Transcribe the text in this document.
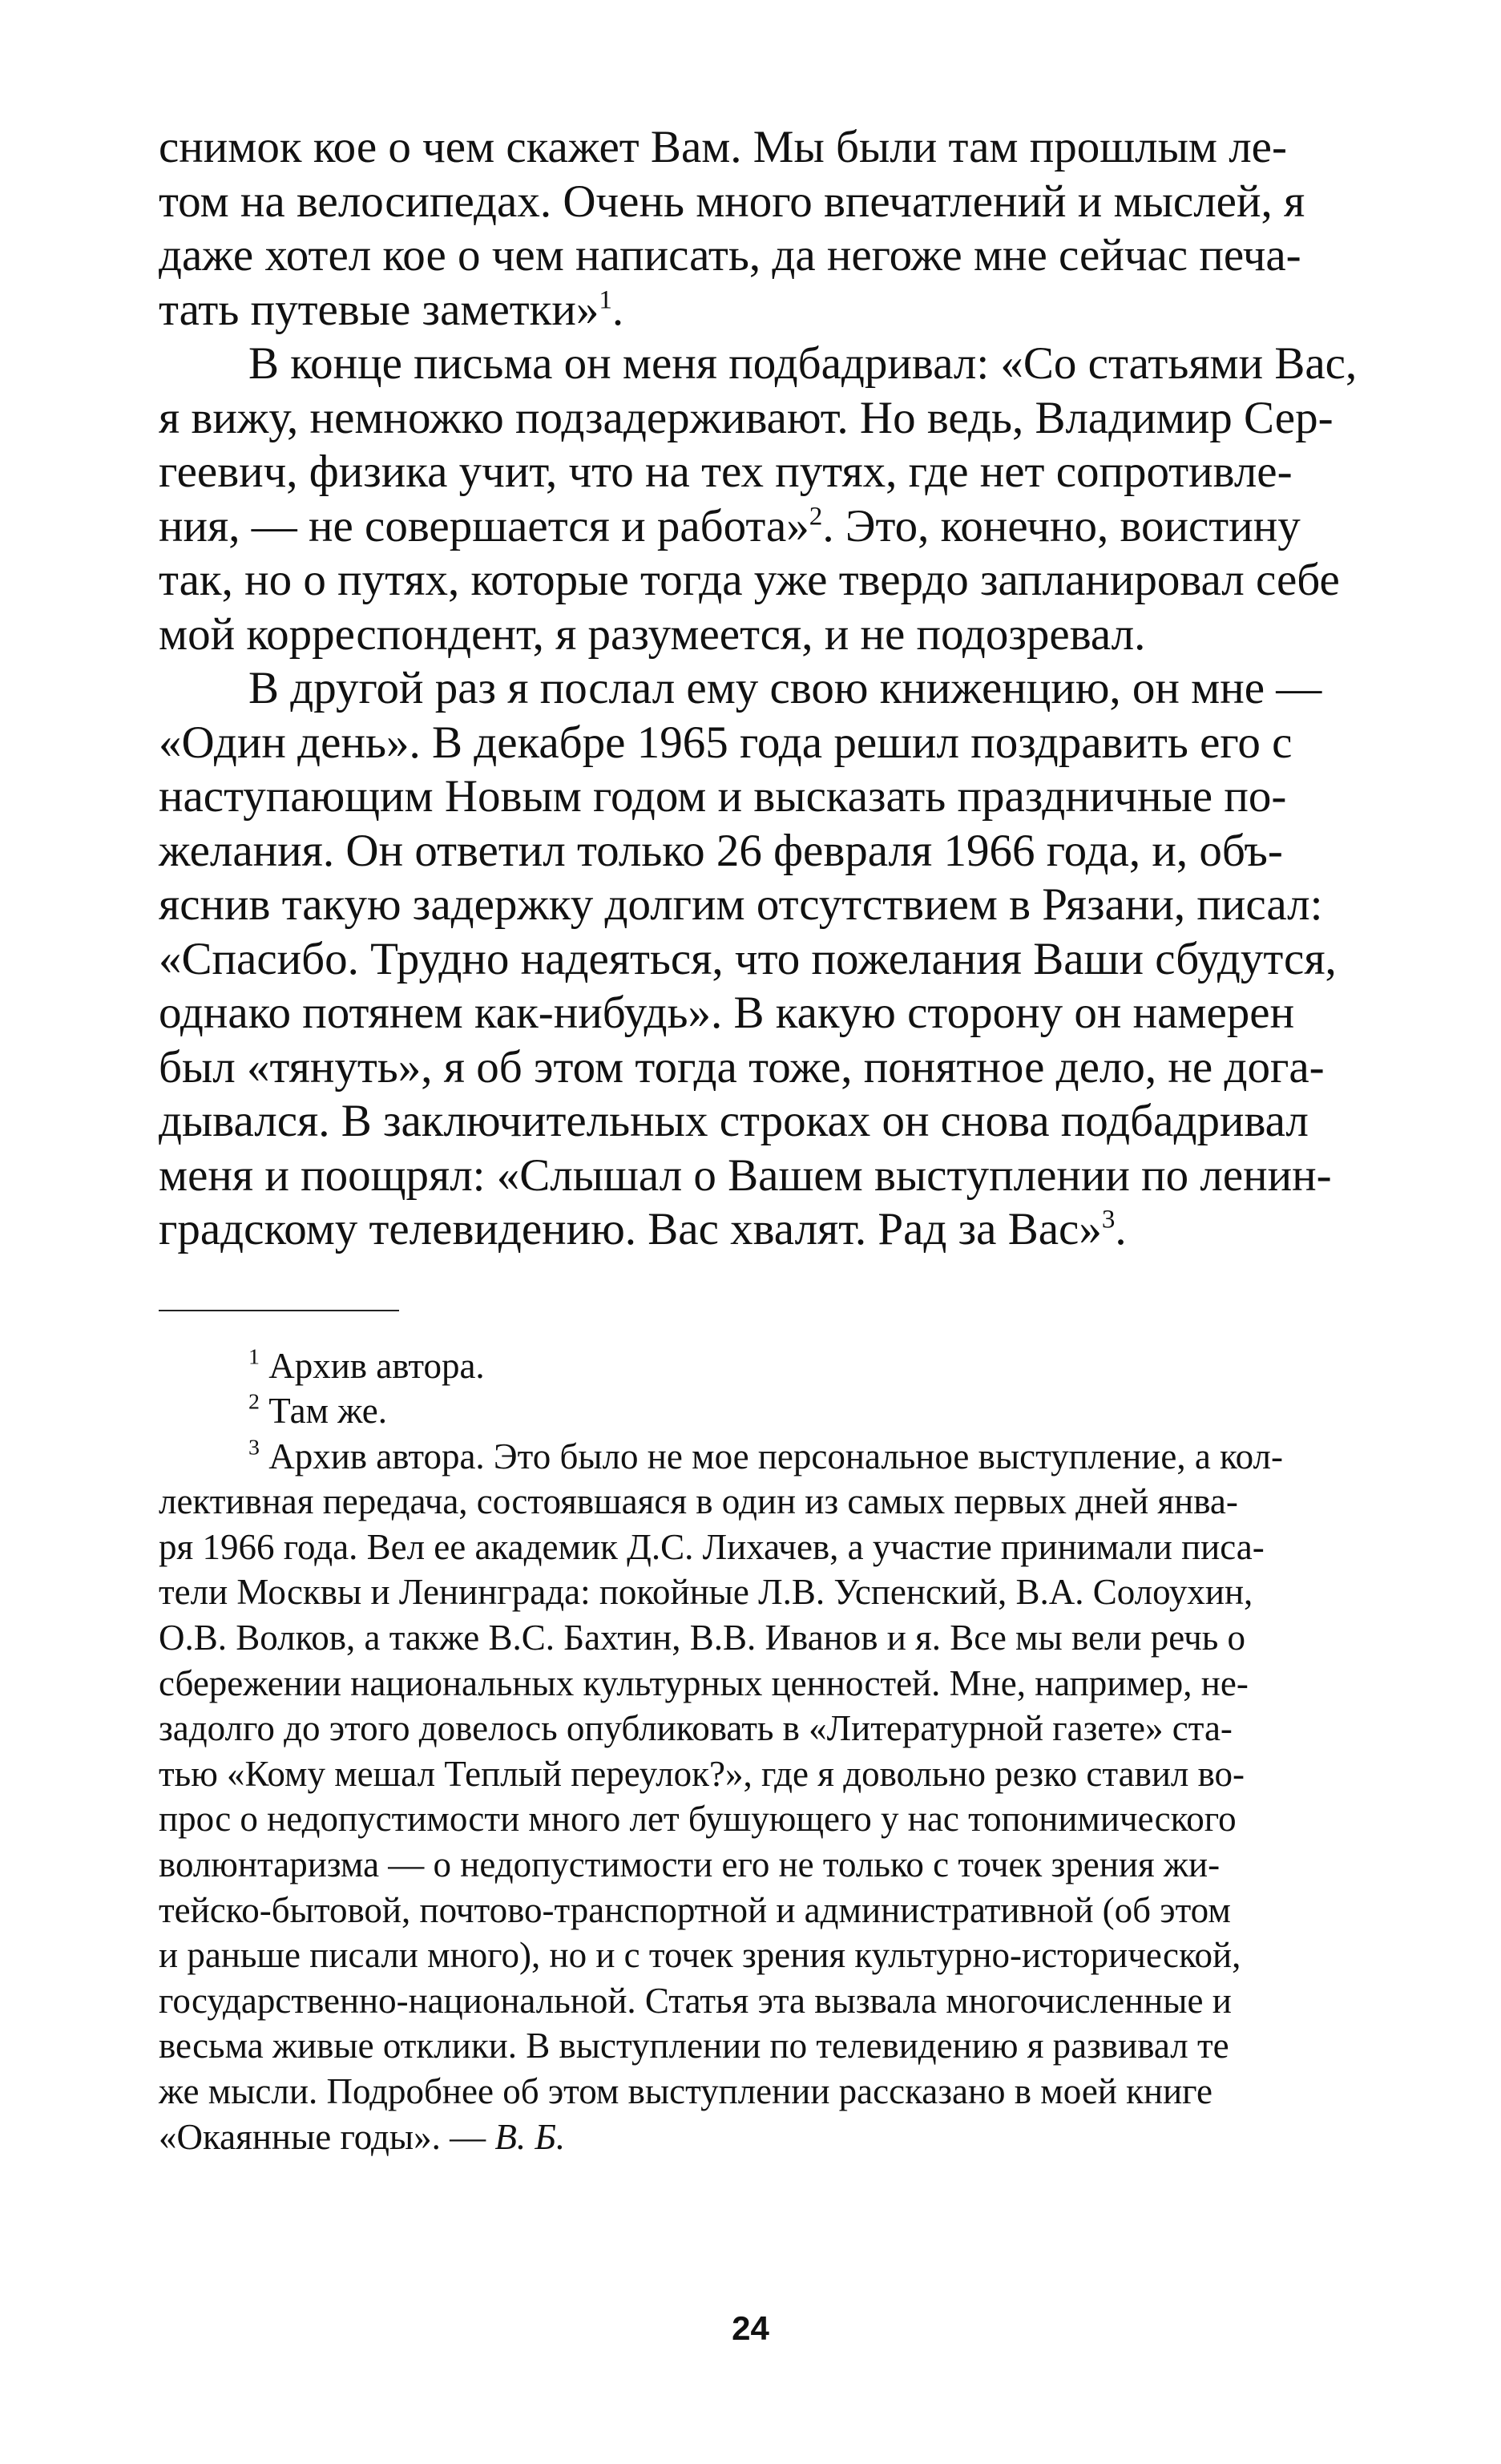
снимок кое о чем скажет Вам. Мы были там прошлым ле-
том на велосипедах. Очень много впечатлений и мыслей, я
даже хотел кое о чем написать, да негоже мне сейчас печа-
тать путевые заметки»$^1$.

В конце письма он меня подбадривал: «Со статьями Вас,
я вижу, немножко подзадерживают. Но ведь, Владимир Сер-
геевич, физика учит, что на тех путях, где нет сопротивле-
ния, — не совершается и работа»$^2$. Это, конечно, воистину
так, но о путях, которые тогда уже твердо запланировал себе
мой корреспондент, я разумеется, и не подозревал.

В другой раз я послал ему свою книженцию, он мне —
«Один день». В декабре 1965 года решил поздравить его с
наступающим Новым годом и высказать праздничные по-
желания. Он ответил только 26 февраля 1966 года, и, объ-
яснив такую задержку долгим отсутствием в Рязани, писал:
«Спасибо. Трудно надеяться, что пожелания Ваши сбудутся,
однако потянем как-нибудь». В какую сторону он намерен
был «тянуть», я об этом тогда тоже, понятное дело, не дога-
дывался. В заключительных строках он снова подбадривал
меня и поощрял: «Слышал о Вашем выступлении по ленин-
градскому телевидению. Вас хвалят. Рад за Вас»$^3$.

$^1$ Архив автора.

$^2$ Там же.

$^3$ Архив автора. Это было не мое персональное выступление, а кол-
лективная передача, состоявшаяся в один из самых первых дней янва-
ря 1966 года. Вел ее академик Д.С. Лихачев, а участие принимали писа-
тели Москвы и Ленинграда: покойные Л.В. Успенский, В.А. Солоухин,
О.В. Волков, а также В.С. Бахтин, В.В. Иванов и я. Все мы вели речь о
сбережении национальных культурных ценностей. Мне, например, не-
задолго до этого довелось опубликовать в «Литературной газете» ста-
тью «Кому мешал Теплый переулок?», где я довольно резко ставил во-
прос о недопустимости много лет бушующего у нас топонимического
волюнтаризма — о недопустимости его не только с точек зрения жи-
тейско-бытовой, почтово-транспортной и административной (об этом
и раньше писали много), но и с точек зрения культурно-исторической,
государственно-национальной. Статья эта вызвала многочисленные и
весьма живые отклики. В выступлении по телевидению я развивал те
же мысли. Подробнее об этом выступлении рассказано в моей книге
«Окаянные годы». — В. Б.

24
